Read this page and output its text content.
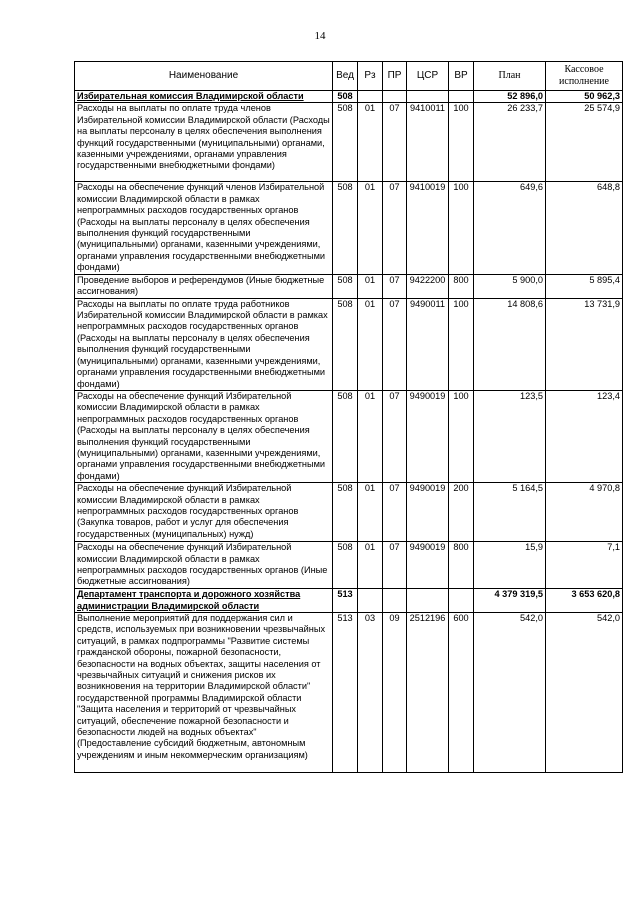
14
Наименование	Вед	Рз	ПР	ЦСР	ВР	План	Кассовое исполнение
Избирательная комиссия Владимирской области	508					52 896,0	50 962,3
Расходы на выплаты по оплате труда членов Избирательной комиссии Владимирской области (Расходы на выплаты персоналу в целях обеспечения выполнения функций государственными (муниципальными) органами, казенными учреждениями, органами управления государственными внебюджетными фондами)	508	01	07	9410011	100	26 233,7	25 574,9
Расходы на обеспечение функций членов Избирательной комиссии Владимирской области в рамках непрограммных расходов государственных органов (Расходы на выплаты персоналу в целях обеспечения выполнения функций государственными (муниципальными) органами, казенными учреждениями, органами управления государственными внебюджетными фондами)	508	01	07	9410019	100	649,6	648,8
Проведение выборов и референдумов (Иные бюджетные ассигнования)	508	01	07	9422200	800	5 900,0	5 895,4
Расходы на выплаты по оплате труда работников Избирательной комиссии Владимирской области в рамках непрограммных расходов государственных органов (Расходы на выплаты персоналу в целях обеспечения выполнения функций государственными (муниципальными) органами, казенными учреждениями, органами управления государственными внебюджетными фондами)	508	01	07	9490011	100	14 808,6	13 731,9
Расходы на обеспечение функций Избирательной комиссии Владимирской области в рамках непрограммных расходов государственных органов (Расходы на выплаты персоналу в целях обеспечения выполнения функций государственными (муниципальными) органами, казенными учреждениями, органами управления государственными внебюджетными фондами)	508	01	07	9490019	100	123,5	123,4
Расходы на обеспечение функций Избирательной комиссии Владимирской области в рамках непрограммных расходов государственных органов (Закупка товаров, работ и услуг для обеспечения государственных (муниципальных) нужд)	508	01	07	9490019	200	5 164,5	4 970,8
Расходы на обеспечение функций Избирательной комиссии Владимирской области в рамках непрограммных расходов государственных органов (Иные бюджетные ассигнования)	508	01	07	9490019	800	15,9	7,1
Департамент транспорта и дорожного хозяйства администрации Владимирской области	513					4 379 319,5	3 653 620,8
Выполнение мероприятий для поддержания сил и средств, используемых при возникновении чрезвычайных ситуаций, в рамках подпрограммы "Развитие системы гражданской обороны, пожарной безопасности, безопасности на водных объектах, защиты населения от чрезвычайных ситуаций и снижения рисков их возникновения на территории Владимирской области" государственной программы Владимирской области "Защита населения и территорий от чрезвычайных ситуаций, обеспечение пожарной безопасности и безопасности людей на водных объектах" (Предоставление субсидий бюджетным, автономным учреждениям и иным некоммерческим организациям)	513	03	09	2512196	600	542,0	542,0
